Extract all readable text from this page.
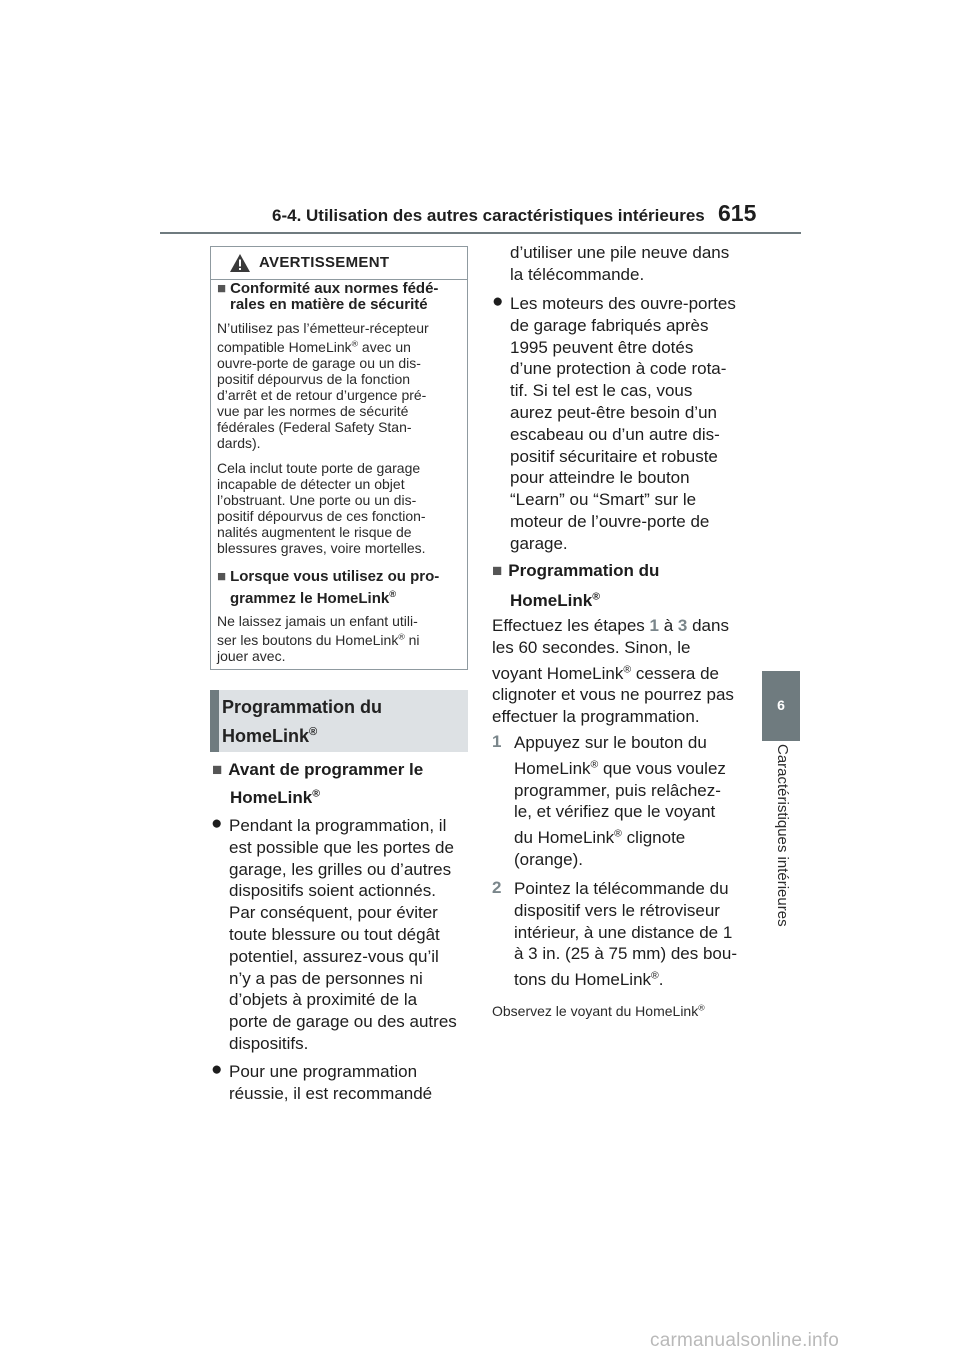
6-4. Utilisation des autres caractéristiques intérieures 615
6
Caractéristiques intérieures
AVERTISSEMENT
■ Conformité aux normes fédé-
rales en matière de sécurité
N’utilisez pas l’émetteur-récepteur
compatible HomeLink® avec un
ouvre-porte de garage ou un dis-
positif dépourvus de la fonction
d’arrêt et de retour d’urgence pré-
vue par les normes de sécurité
fédérales (Federal Safety Stan-
dards).
Cela inclut toute porte de garage
incapable de détecter un objet
l’obstruant. Une porte ou un dis-
positif dépourvus de ces fonction-
nalités augmentent le risque de
blessures graves, voire mortelles.
■ Lorsque vous utilisez ou pro-
grammez le HomeLink®
Ne laissez jamais un enfant utili-
ser les boutons du HomeLink® ni
jouer avec.
Programmation du
HomeLink®
■ Avant de programmer le
HomeLink®
● Pendant la programmation, il
est possible que les portes de
garage, les grilles ou d’autres
dispositifs soient actionnés.
Par conséquent, pour éviter
toute blessure ou tout dégât
potentiel, assurez-vous qu’il
n’y a pas de personnes ni
d’objets à proximité de la
porte de garage ou des autres
dispositifs.
● Pour une programmation
réussie, il est recommandé
d’utiliser une pile neuve dans
la télécommande.
● Les moteurs des ouvre-portes
de garage fabriqués après
1995 peuvent être dotés
d’une protection à code rota-
tif. Si tel est le cas, vous
aurez peut-être besoin d’un
escabeau ou d’un autre dis-
positif sécuritaire et robuste
pour atteindre le bouton
“Learn” ou “Smart” sur le
moteur de l’ouvre-porte de
garage.
■ Programmation du
HomeLink®
Effectuez les étapes 1 à 3 dans
les 60 secondes. Sinon, le
voyant HomeLink® cessera de
clignoter et vous ne pourrez pas
effectuer la programmation.
1 Appuyez sur le bouton du
HomeLink® que vous voulez
programmer, puis relâchez-
le, et vérifiez que le voyant
du HomeLink® clignote
(orange).
2 Pointez la télécommande du
dispositif vers le rétroviseur
intérieur, à une distance de 1
à 3 in. (25 à 75 mm) des bou-
tons du HomeLink®.
Observez le voyant du HomeLink®
carmanualsonline.info
